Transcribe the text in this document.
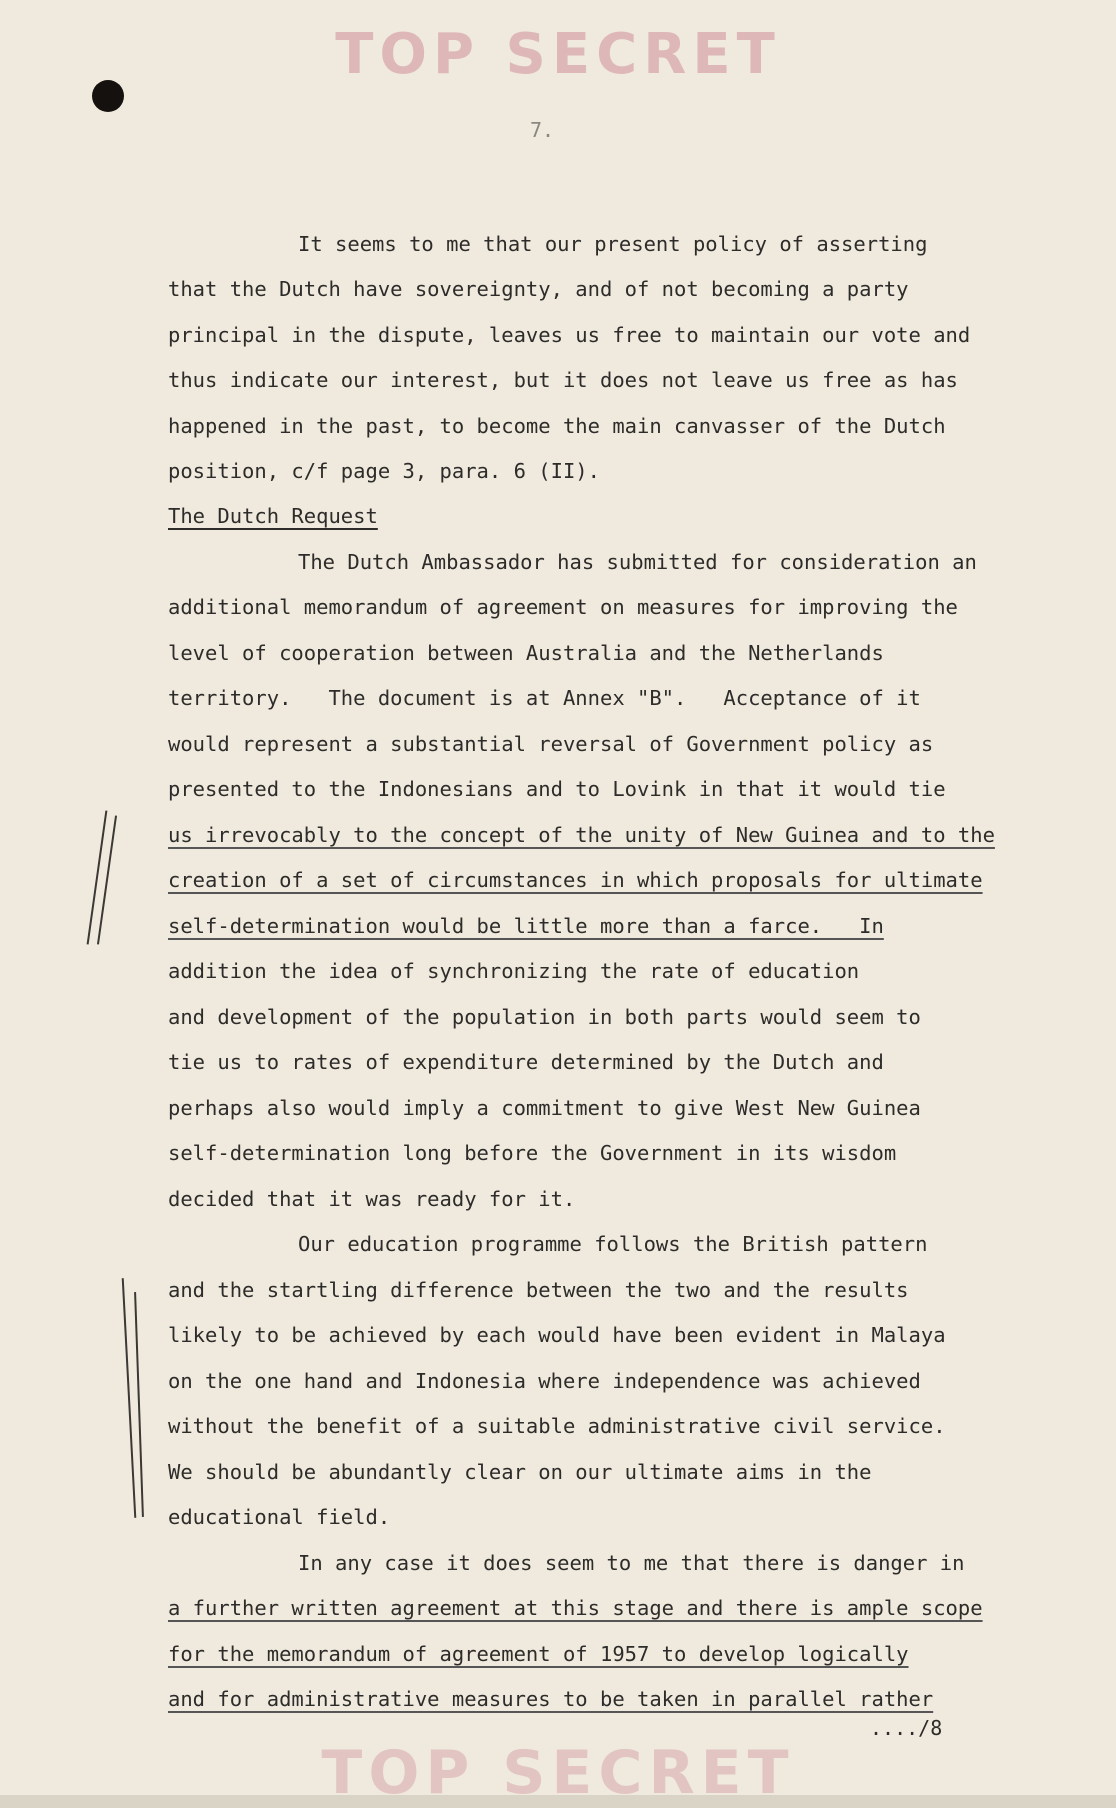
TOP SECRET
7.
It seems to me that our present policy of asserting
that the Dutch have sovereignty, and of not becoming a party
principal in the dispute, leaves us free to maintain our vote and
thus indicate our interest, but it does not leave us free as has
happened in the past, to become the main canvasser of the Dutch
position, c/f page 3, para. 6 (II).
The Dutch Request
The Dutch Ambassador has submitted for consideration an
additional memorandum of agreement on measures for improving the
level of cooperation between Australia and the Netherlands
territory.   The document is at Annex "B".   Acceptance of it
would represent a substantial reversal of Government policy as
presented to the Indonesians and to Lovink in that it would tie
us irrevocably to the concept of the unity of New Guinea and to the
creation of a set of circumstances in which proposals for ultimate
self-determination would be little more than a farce.   In
addition the idea of synchronizing the rate of education
and development of the population in both parts would seem to
tie us to rates of expenditure determined by the Dutch and
perhaps also would imply a commitment to give West New Guinea
self-determination long before the Government in its wisdom
decided that it was ready for it.
Our education programme follows the British pattern
and the startling difference between the two and the results
likely to be achieved by each would have been evident in Malaya
on the one hand and Indonesia where independence was achieved
without the benefit of a suitable administrative civil service.
We should be abundantly clear on our ultimate aims in the
educational field.
In any case it does seem to me that there is danger in
a further written agreement at this stage and there is ample scope
for the memorandum of agreement of 1957 to develop logically
and for administrative measures to be taken in parallel rather
..../8
TOP SECRET
